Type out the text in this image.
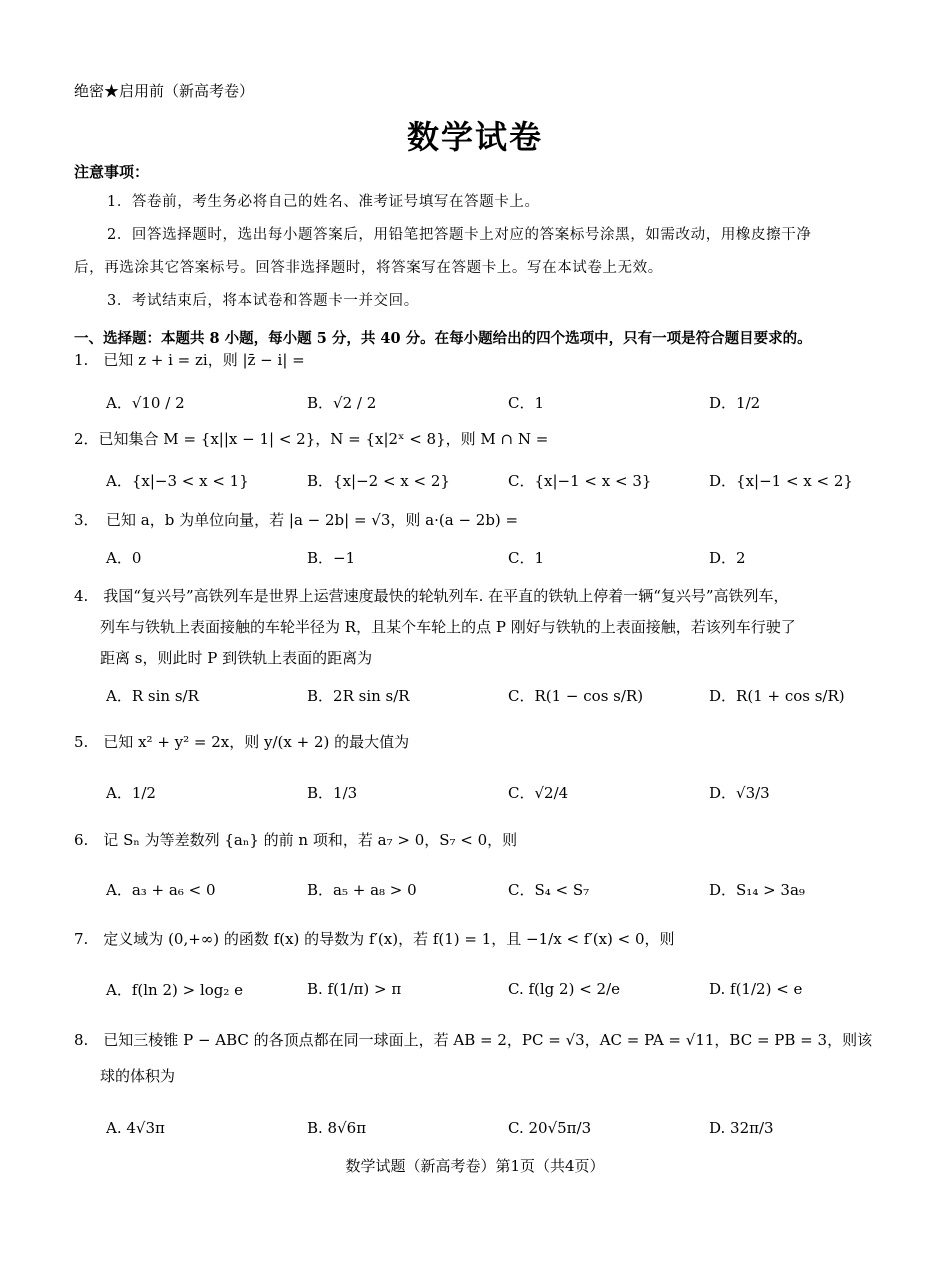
绝密★启用前（新高考卷）
数学试卷
注意事项：
1．答卷前，考生务必将自己的姓名、准考证号填写在答题卡上。
2．回答选择题时，选出每小题答案后，用铅笔把答题卡上对应的答案标号涂黑，如需改动，用橡皮擦干净
后，再选涂其它答案标号。回答非选择题时，将答案写在答题卡上。写在本试卷上无效。
3．考试结束后，将本试卷和答题卡一并交回。
一、选择题：本题共 8 小题，每小题 5 分，共 40 分。在每小题给出的四个选项中，只有一项是符合题目要求的。
1.　已知 z + i = zi，则 |z̄ − i| =
A．√10 / 2	B．√2 / 2	C．1	D．1/2
2．已知集合 M = {x||x − 1| < 2}，N = {x|2ˣ < 8}，则 M ∩ N =
A．{x|−3 < x < 1}	B．{x|−2 < x < 2}	C．{x|−1 < x < 3}	D．{x|−1 < x < 2}
3．　已知 a，b 为单位向量，若 |a − 2b| = √3，则 a·(a − 2b) =
A．0	B．−1	C．1	D．2
4.　我国“复兴号”高铁列车是世界上运营速度最快的轮轨列车. 在平直的铁轨上停着一辆“复兴号”高铁列车，
列车与铁轨上表面接触的车轮半径为 R，且某个车轮上的点 P 刚好与铁轨的上表面接触，若该列车行驶了
距离 s，则此时 P 到铁轨上表面的距离为
A．R sin s/R	B．2R sin s/R	C．R(1 − cos s/R)	D．R(1 + cos s/R)
5.　已知 x² + y² = 2x，则 y/(x + 2) 的最大值为
A．1/2	B．1/3	C．√2/4	D．√3/3
6.　记 Sₙ 为等差数列 {aₙ} 的前 n 项和，若 a₇ > 0，S₇ < 0，则
A．a₃ + a₆ < 0	B．a₅ + a₈ > 0	C．S₄ < S₇	D．S₁₄ > 3a₉
7.　定义域为 (0,+∞) 的函数 f(x) 的导数为 f′(x)，若 f(1) = 1，且 −1/x < f′(x) < 0，则
A．f(ln 2) > log₂ e	B. f(1/π) > π	C. f(lg 2) < 2/e	D. f(1/2) < e
8.　已知三棱锥 P − ABC 的各顶点都在同一球面上，若 AB = 2，PC = √3，AC = PA = √11，BC = PB = 3，则该
球的体积为
A. 4√3π	B. 8√6π	C. 20√5π/3	D. 32π/3
数学试题（新高考卷）第1页（共4页）
